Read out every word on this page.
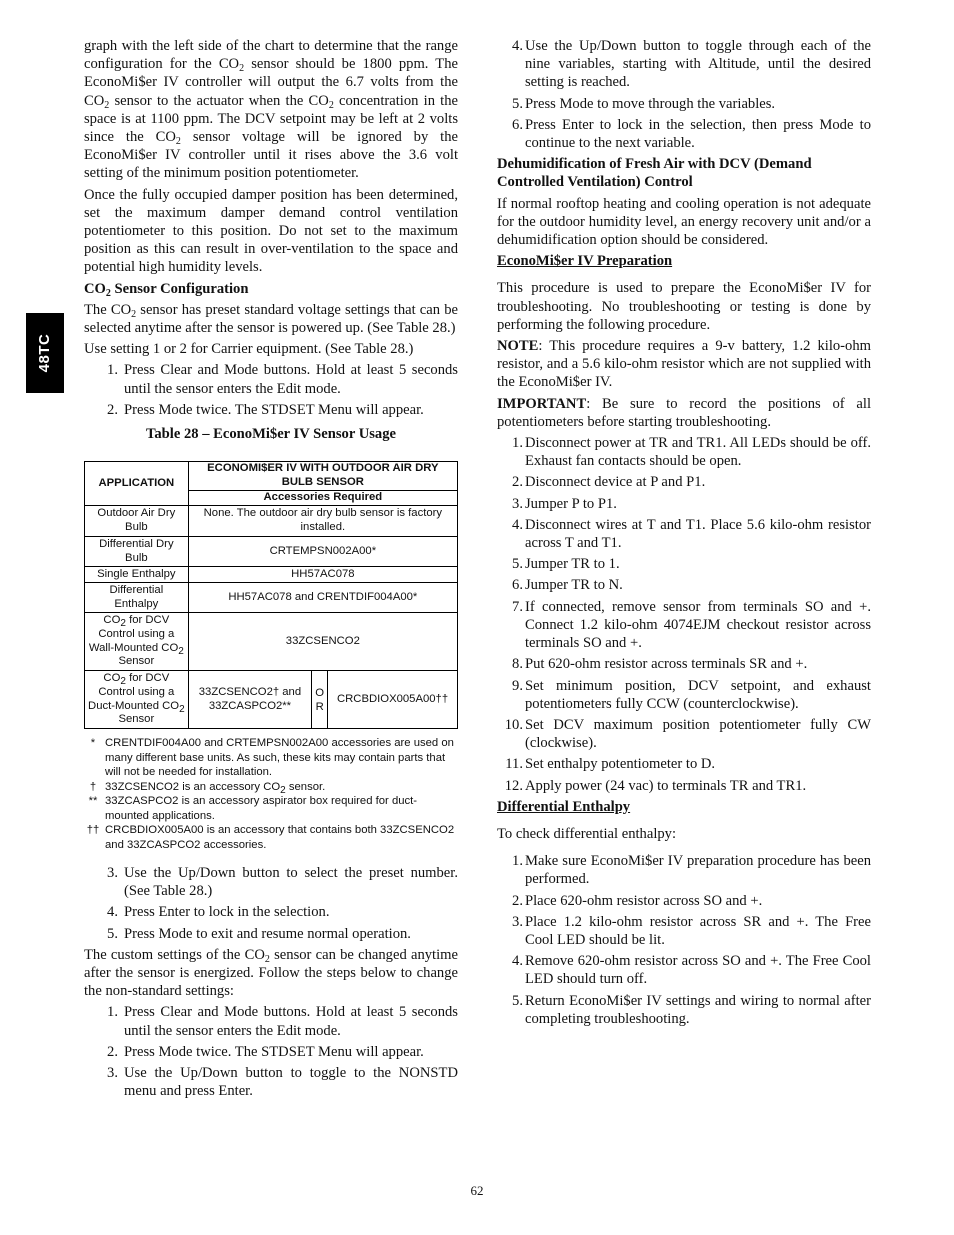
48TC

graph with the left side of the chart to determine that the range configuration for the $CO_2$ sensor should be 1800 ppm. The EconoMi$er IV controller will output the 6.7 volts from the $CO_2$ sensor to the actuator when the $CO_2$ concentration in the space is at 1100 ppm. The DCV setpoint may be left at 2 volts since the $CO_2$ sensor voltage will be ignored by the EconoMi$er IV controller until it rises above the 3.6 volt setting of the minimum position potentiometer.

Once the fully occupied damper position has been determined, set the maximum damper demand control ventilation potentiometer to this position. Do not set to the maximum position as this can result in over-ventilation to the space and potential high humidity levels.

$CO_2$ Sensor Configuration

The $CO_2$ sensor has preset standard voltage settings that can be selected anytime after the sensor is powered up. (See Table 28.)

Use setting 1 or 2 for Carrier equipment. (See Table 28.)

1. Press Clear and Mode buttons. Hold at least 5 seconds until the sensor enters the Edit mode.
2. Press Mode twice. The STDSET Menu will appear.

Table 28 – EconoMi$er IV Sensor Usage

APPLICATION	ECONOMI$ER IV WITH OUTDOOR AIR DRY BULB SENSOR		
	Accessories Required		
Outdoor Air Dry Bulb	None. The outdoor air dry bulb sensor is factory installed.		
Differential Dry Bulb	CRTEMPSN002A00*		
Single Enthalpy	HH57AC078		
Differential Enthalpy	HH57AC078 and CRENTDIF004A00*		
$CO_2$ for DCV Control using a Wall-Mounted $CO_2$ Sensor	33ZCSENCO2		
$CO_2$ for DCV Control using a Duct-Mounted $CO_2$ Sensor	33ZCSENCO2† and 33ZCASPCO2**	O R	CRCBDIOX005A00††
* CRENTDIF004A00 and CRTEMPSN002A00 accessories are used on many different base units. As such, these kits may contain parts that will not be needed for installation.
† 33ZCSENCO2 is an accessory $CO_2$ sensor.
** 33ZCASPCO2 is an accessory aspirator box required for duct-mounted applications.
†† CRCBDIOX005A00 is an accessory that contains both 33ZCSENCO2 and 33ZCASPCO2 accessories.
3. Use the Up/Down button to select the preset number. (See Table 28.)
4. Press Enter to lock in the selection.
5. Press Mode to exit and resume normal operation.

The custom settings of the $CO_2$ sensor can be changed anytime after the sensor is energized. Follow the steps below to change the non-standard settings:

1. Press Clear and Mode buttons. Hold at least 5 seconds until the sensor enters the Edit mode.
2. Press Mode twice. The STDSET Menu will appear.
3. Use the Up/Down button to toggle to the NONSTD menu and press Enter.
4. Use the Up/Down button to toggle through each of the nine variables, starting with Altitude, until the desired setting is reached.
5. Press Mode to move through the variables.
6. Press Enter to lock in the selection, then press Mode to continue to the next variable.

Dehumidification of Fresh Air with DCV (Demand Controlled Ventilation) Control

If normal rooftop heating and cooling operation is not adequate for the outdoor humidity level, an energy recovery unit and/or a dehumidification option should be considered.

EconoMi$er IV Preparation

This procedure is used to prepare the EconoMi$er IV for troubleshooting. No troubleshooting or testing is done by performing the following procedure.

NOTE: This procedure requires a 9-v battery, 1.2 kilo-ohm resistor, and a 5.6 kilo-ohm resistor which are not supplied with the EconoMi$er IV.

IMPORTANT: Be sure to record the positions of all potentiometers before starting troubleshooting.

1. Disconnect power at TR and TR1. All LEDs should be off. Exhaust fan contacts should be open.
2. Disconnect device at P and P1.
3. Jumper P to P1.
4. Disconnect wires at T and T1. Place 5.6 kilo-ohm resistor across T and T1.
5. Jumper TR to 1.
6. Jumper TR to N.
7. If connected, remove sensor from terminals SO and +. Connect 1.2 kilo-ohm 4074EJM checkout resistor across terminals SO and +.
8. Put 620-ohm resistor across terminals SR and +.
9. Set minimum position, DCV setpoint, and exhaust potentiometers fully CCW (counterclockwise).
10. Set DCV maximum position potentiometer fully CW (clockwise).
11. Set enthalpy potentiometer to D.
12. Apply power (24 vac) to terminals TR and TR1.

Differential Enthalpy

To check differential enthalpy:

1. Make sure EconoMi$er IV preparation procedure has been performed.
2. Place 620-ohm resistor across SO and +.
3. Place 1.2 kilo-ohm resistor across SR and +. The Free Cool LED should be lit.
4. Remove 620-ohm resistor across SO and +. The Free Cool LED should turn off.
5. Return EconoMi$er IV settings and wiring to normal after completing troubleshooting.
62
